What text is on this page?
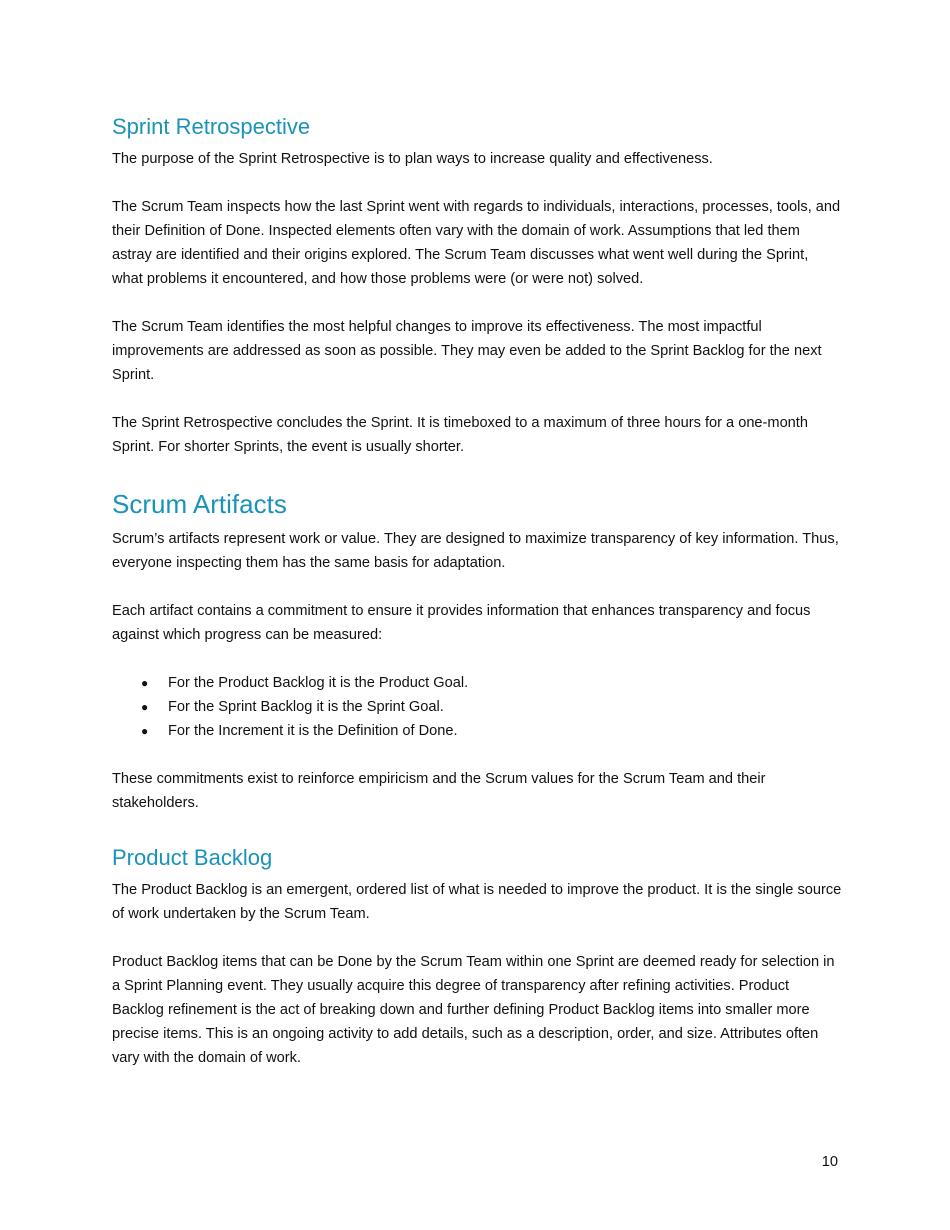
Sprint Retrospective

The purpose of the Sprint Retrospective is to plan ways to increase quality and effectiveness.

The Scrum Team inspects how the last Sprint went with regards to individuals, interactions, processes, tools, and their Definition of Done. Inspected elements often vary with the domain of work. Assumptions that led them astray are identified and their origins explored. The Scrum Team discusses what went well during the Sprint, what problems it encountered, and how those problems were (or were not) solved.

The Scrum Team identifies the most helpful changes to improve its effectiveness. The most impactful improvements are addressed as soon as possible. They may even be added to the Sprint Backlog for the next Sprint.

The Sprint Retrospective concludes the Sprint. It is timeboxed to a maximum of three hours for a one-month Sprint. For shorter Sprints, the event is usually shorter.

Scrum Artifacts

Scrum’s artifacts represent work or value. They are designed to maximize transparency of key information. Thus, everyone inspecting them has the same basis for adaptation.

Each artifact contains a commitment to ensure it provides information that enhances transparency and focus against which progress can be measured:

● For the Product Backlog it is the Product Goal.
● For the Sprint Backlog it is the Sprint Goal.
● For the Increment it is the Definition of Done.

These commitments exist to reinforce empiricism and the Scrum values for the Scrum Team and their stakeholders.

Product Backlog

The Product Backlog is an emergent, ordered list of what is needed to improve the product. It is the single source of work undertaken by the Scrum Team.

Product Backlog items that can be Done by the Scrum Team within one Sprint are deemed ready for selection in a Sprint Planning event. They usually acquire this degree of transparency after refining activities. Product Backlog refinement is the act of breaking down and further defining Product Backlog items into smaller more precise items. This is an ongoing activity to add details, such as a description, order, and size. Attributes often vary with the domain of work.

10
